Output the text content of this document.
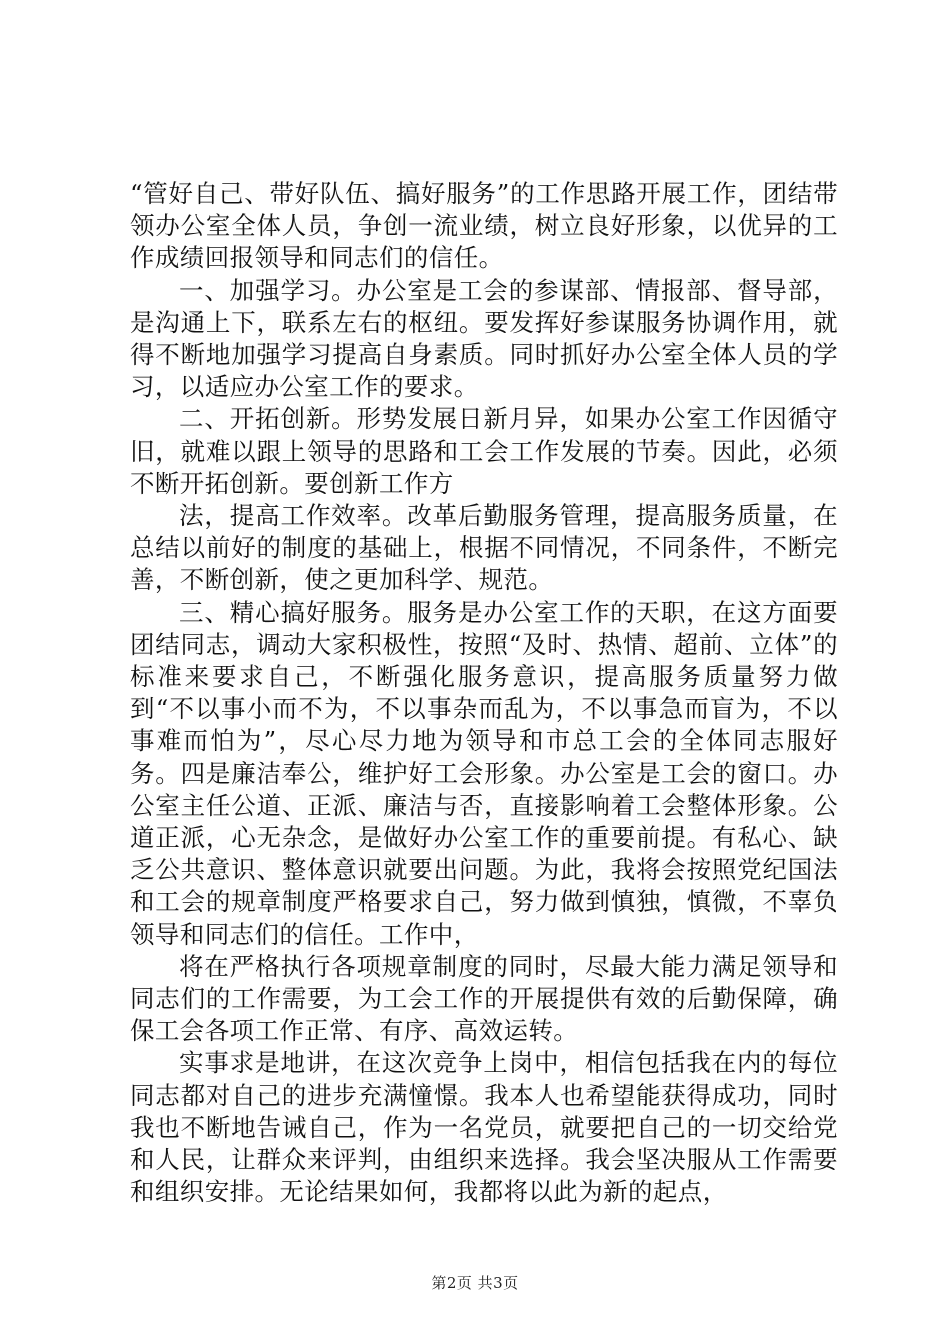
“管好自己、带好队伍、搞好服务”的工作思路开展工作，团结带领办公室全体人员，争创一流业绩，树立良好形象，以优异的工作成绩回报领导和同志们的信任。

一、加强学习。办公室是工会的参谋部、情报部、督导部，是沟通上下，联系左右的枢纽。要发挥好参谋服务协调作用，就得不断地加强学习提高自身素质。同时抓好办公室全体人员的学习，以适应办公室工作的要求。

二、开拓创新。形势发展日新月异，如果办公室工作因循守旧，就难以跟上领导的思路和工会工作发展的节奏。因此，必须不断开拓创新。要创新工作方

法，提高工作效率。改革后勤服务管理，提高服务质量，在总结以前好的制度的基础上，根据不同情况，不同条件，不断完善，不断创新，使之更加科学、规范。

三、精心搞好服务。服务是办公室工作的天职，在这方面要团结同志，调动大家积极性，按照“及时、热情、超前、立体”的标准来要求自己，不断强化服务意识，提高服务质量努力做到“不以事小而不为，不以事杂而乱为，不以事急而盲为，不以事难而怕为”，尽心尽力地为领导和市总工会的全体同志服好务。四是廉洁奉公，维护好工会形象。办公室是工会的窗口。办公室主任公道、正派、廉洁与否，直接影响着工会整体形象。公道正派，心无杂念，是做好办公室工作的重要前提。有私心、缺乏公共意识、整体意识就要出问题。为此，我将会按照党纪国法和工会的规章制度严格要求自己，努力做到慎独，慎微，不辜负领导和同志们的信任。工作中，

将在严格执行各项规章制度的同时，尽最大能力满足领导和同志们的工作需要，为工会工作的开展提供有效的后勤保障，确保工会各项工作正常、有序、高效运转。

实事求是地讲，在这次竞争上岗中，相信包括我在内的每位同志都对自己的进步充满憧憬。我本人也希望能获得成功，同时我也不断地告诫自己，作为一名党员，就要把自己的一切交给党和人民，让群众来评判，由组织来选择。我会坚决服从工作需要和组织安排。无论结果如何，我都将以此为新的起点，

第2页 共3页
